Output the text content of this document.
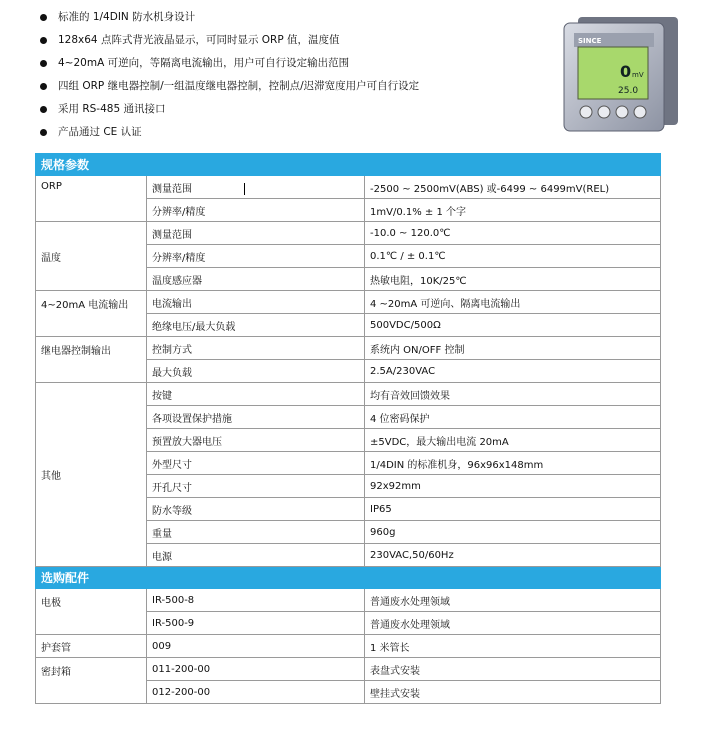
标准的 1/4DIN 防水机身设计
128x64 点阵式背光液晶显示，可同时显示 ORP 值，温度值
4~20mA 可逆向，等隔离电流输出，用户可自行设定输出范围
四组 ORP 继电器控制/一组温度继电器控制，控制点/迟滞宽度用户可自行设定
采用 RS-485 通讯接口
产品通过 CE 认证
SINCE
0 mV
25.0
规格参数		
ORP	测量范围	-2500 ~ 2500mV(ABS) 或-6499 ~ 6499mV(REL)
	分辨率/精度	1mV/0.1% ± 1 个字
温度	测量范围	-10.0 ~ 120.0℃
	分辨率/精度	0.1℃ / ± 0.1℃
	温度感应器	热敏电阻，10K/25℃
4~20mA 电流输出	电流输出	4 ~20mA 可逆向、隔离电流输出
	绝缘电压/最大负载	500VDC/500Ω
继电器控制输出	控制方式	系统内 ON/OFF 控制
	最大负载	2.5A/230VAC
其他	按键	均有音效回馈效果
	各项设置保护措施	4 位密码保护
	预置放大器电压	±5VDC，最大输出电流 20mA
	外型尺寸	1/4DIN 的标准机身，96x96x148mm
	开孔尺寸	92x92mm
	防水等级	IP65
	重量	960g
	电源	230VAC,50/60Hz
选购配件		
电极	IR-500-8	普通废水处理领域
	IR-500-9	普通废水处理领域
护套管	009	1 米管长
密封箱	011-200-00	表盘式安装
	012-200-00	壁挂式安装
